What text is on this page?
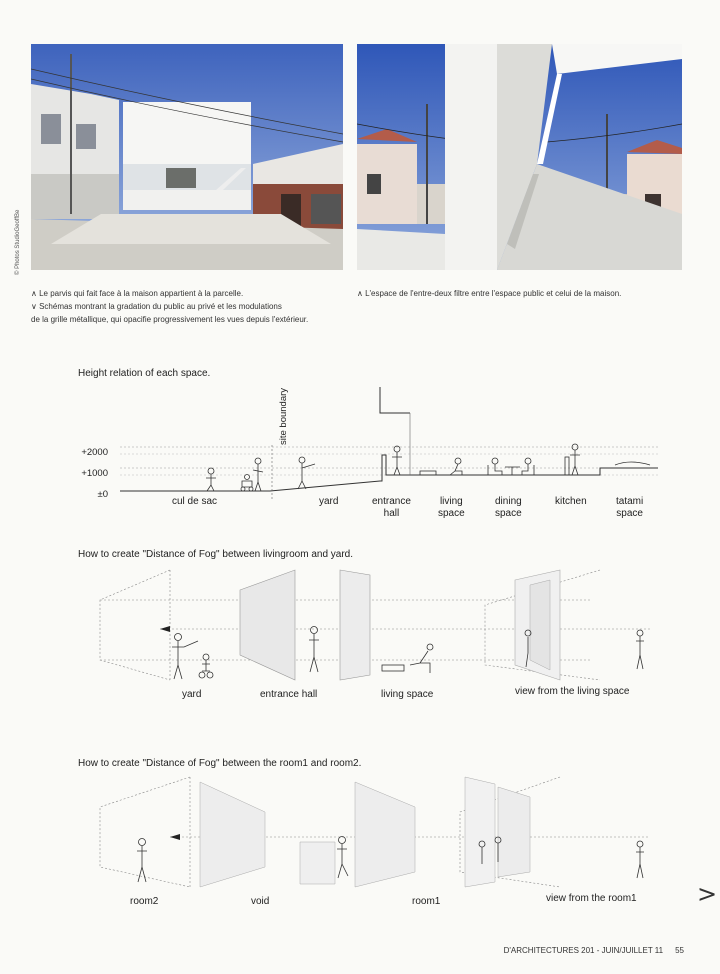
© Photos StudioGeoffBe
∧ Le parvis qui fait face à la maison appartient à la parcelle.
∨ Schémas montrant la gradation du public au privé et les modulations
de la grille métallique, qui opacifie progressivement les vues depuis l'extérieur.
∧ L'espace de l'entre-deux filtre entre l'espace public et celui de la maison.
Height relation of each space.
+2000
+1000
±0
site boundary
cul de sac	yard	entrance
hall
living
space
dining
space
kitchen	tatami
space
How to create "Distance of Fog" between livingroom and yard.
yard	entrance hall	living space	view from the living space
How to create "Distance of Fog" between the room1 and room2.
room2	void	room1	view from the room1
D'ARCHITECTURES 201 - JUIN/JUILLET 11 55
>
